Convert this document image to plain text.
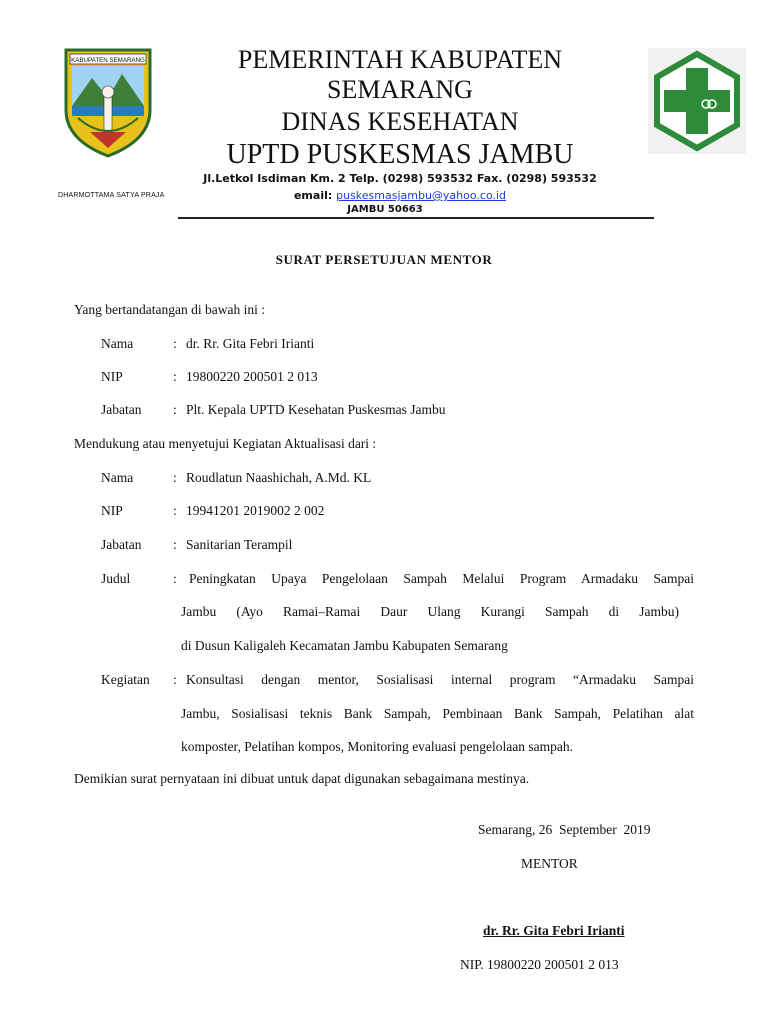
KABUPATEN SEMARANG
DHARMOTTAMA SATYA PRAJA
PEMERINTAH KABUPATEN
SEMARANG
DINAS KESEHATAN
UPTD PUSKESMAS JAMBU
Jl.Letkol Isdiman Km. 2 Telp. (0298) 593532 Fax. (0298) 593532
email: puskesmasjambu@yahoo.co.id
JAMBU 50663
SURAT PERSETUJUAN MENTOR
Yang bertandatangan di bawah ini :
Nama	: dr. Rr. Gita Febri Irianti
NIP	: 19800220 200501 2 013
Jabatan : Plt. Kepala UPTD Kesehatan Puskesmas Jambu
Mendukung atau menyetujui Kegiatan Aktualisasi dari :
Nama	: Roudlatun Naashichah, A.Md. KL
NIP	: 19941201 2019002 2 002
Jabatan : Sanitarian Terampil
Judul	: Peningkatan Upaya Pengelolaan Sampah Melalui Program Armadaku Sampai
Jambu (Ayo Ramai–Ramai Daur Ulang Kurangi Sampah di Jambu)
di Dusun Kaligaleh Kecamatan Jambu Kabupaten Semarang
Kegiatan : Konsultasi dengan mentor, Sosialisasi internal program “Armadaku Sampai
Jambu, Sosialisasi teknis Bank Sampah, Pembinaan Bank Sampah, Pelatihan alat
komposter, Pelatihan kompos, Monitoring evaluasi pengelolaan sampah.
Demikian surat pernyataan ini dibuat untuk dapat digunakan sebagaimana mestinya.
Semarang, 26  September  2019
MENTOR
dr. Rr. Gita Febri Irianti
NIP. 19800220 200501 2 013
